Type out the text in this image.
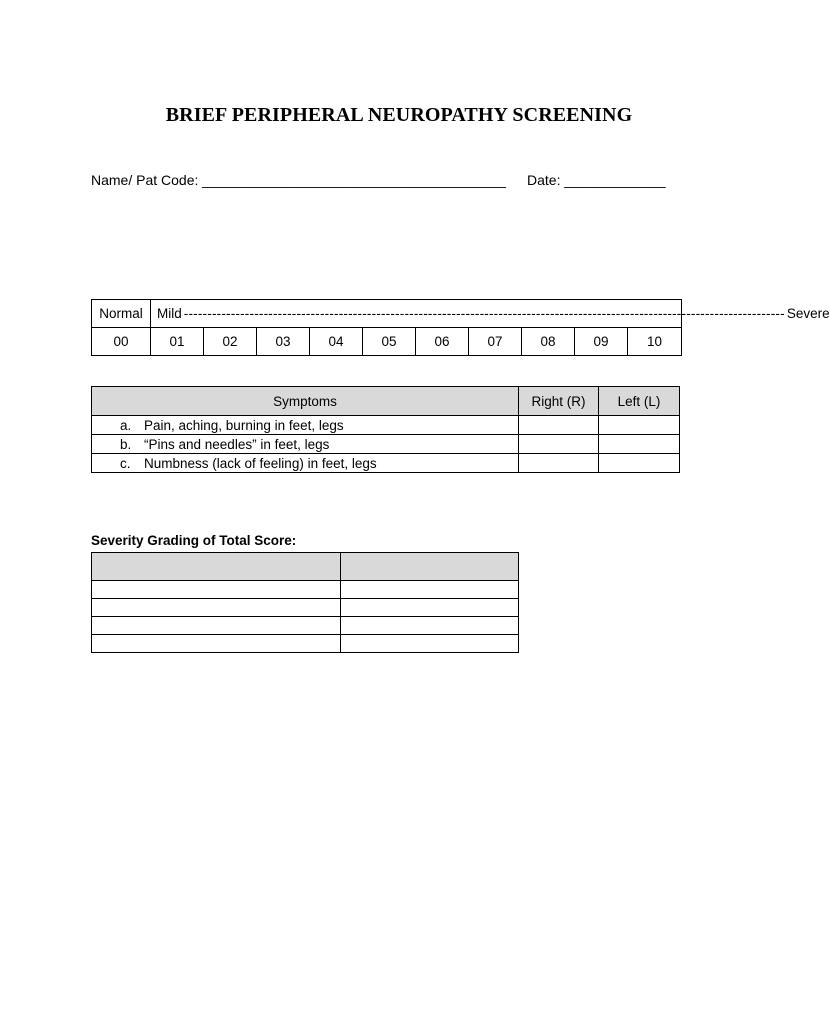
BRIEF PERIPHERAL NEUROPATHY SCREENING
Name/ Pat Code: _______________________________________ Date: _____________
Normal	Mild -------------------------------------------------------------------------------------------------------------------------------- Severe									

00	01	02	03	04	05	06	07	08	09	10
Symptoms	Right (R)	Left (L)
a. Pain, aching, burning in feet, legs		
b. “Pins and needles” in feet, legs		
c. Numbness (lack of feeling) in feet, legs		
Severity Grading of Total Score:
